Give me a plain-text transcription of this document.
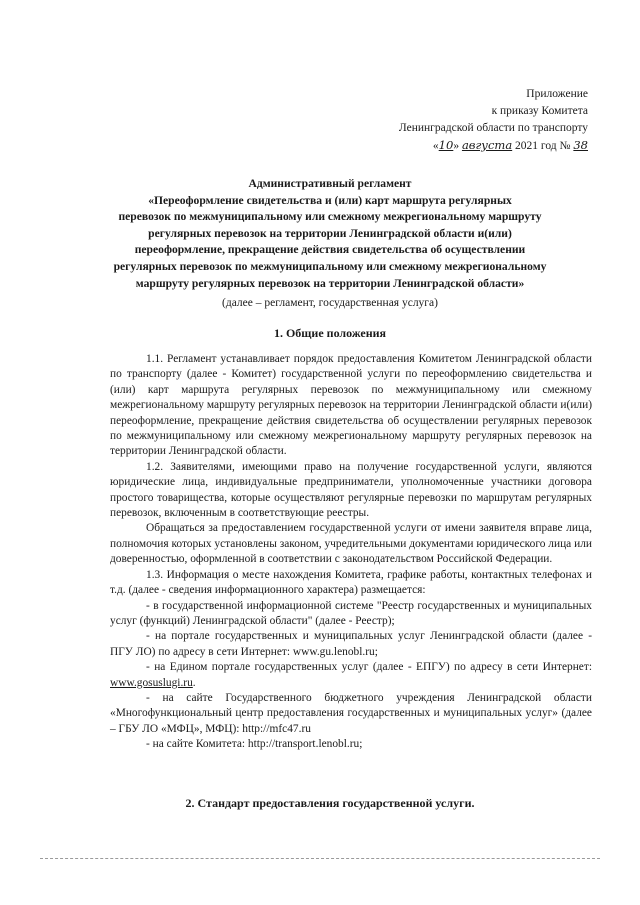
Приложение
к приказу Комитета
Ленинградской области по транспорту
«10» августа 2021 год № 38
Административный регламент
«Переоформление свидетельства и (или) карт маршрута регулярных
перевозок по межмуниципальному или смежному межрегиональному маршруту
регулярных перевозок на территории Ленинградской области и(или)
переоформление, прекращение действия свидетельства об осуществлении
регулярных перевозок по межмуниципальному или смежному межрегиональному
маршруту регулярных перевозок на территории Ленинградской области»
(далее – регламент, государственная услуга)
1. Общие положения

1.1. Регламент устанавливает порядок предоставления Комитетом Ленинградской области по транспорту (далее - Комитет) государственной услуги по переоформлению свидетельства и (или) карт маршрута регулярных перевозок по межмуниципальному или смежному межрегиональному маршруту регулярных перевозок на территории Ленинградской области и(или) переоформление, прекращение действия свидетельства об осуществлении регулярных перевозок по межмуниципальному или смежному межрегиональному маршруту регулярных перевозок на территории Ленинградской области.

1.2. Заявителями, имеющими право на получение государственной услуги, являются юридические лица, индивидуальные предприниматели, уполномоченные участники договора простого товарищества, которые осуществляют регулярные перевозки по маршрутам регулярных перевозок, включенным в соответствующие реестры.

Обращаться за предоставлением государственной услуги от имени заявителя вправе лица, полномочия которых установлены законом, учредительными документами юридического лица или доверенностью, оформленной в соответствии с законодательством Российской Федерации.

1.3. Информация о месте нахождения Комитета, графике работы, контактных телефонах и т.д. (далее - сведения информационного характера) размещается:

- в государственной информационной системе "Реестр государственных и муниципальных услуг (функций) Ленинградской области" (далее - Реестр);

- на портале государственных и муниципальных услуг Ленинградской области (далее - ПГУ ЛО) по адресу в сети Интернет: www.gu.lenobl.ru;

- на Едином портале государственных услуг (далее - ЕПГУ) по адресу в сети Интернет: www.gosuslugi.ru.

- на сайте Государственного бюджетного учреждения Ленинградской области «Многофункциональный центр предоставления государственных и муниципальных услуг» (далее – ГБУ ЛО «МФЦ», МФЦ): http://mfc47.ru

- на сайте Комитета: http://transport.lenobl.ru;

2. Стандарт предоставления государственной услуги.
